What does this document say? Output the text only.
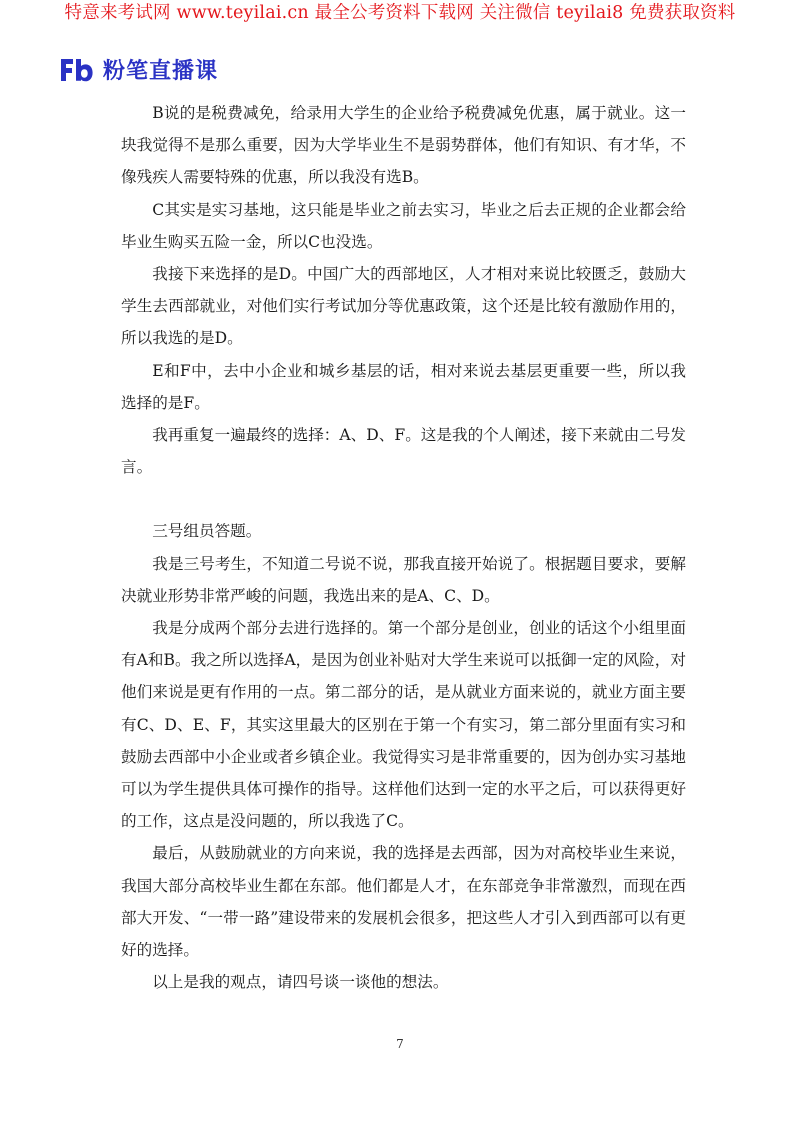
特意来考试网 www.teyilai.cn 最全公考资料下载网 关注微信 teyilai8 免费获取资料
粉笔直播课

B说的是税费减免，给录用大学生的企业给予税费减免优惠，属于就业。这一块我觉得不是那么重要，因为大学毕业生不是弱势群体，他们有知识、有才华，不像残疾人需要特殊的优惠，所以我没有选B。

C其实是实习基地，这只能是毕业之前去实习，毕业之后去正规的企业都会给毕业生购买五险一金，所以C也没选。

我接下来选择的是D。中国广大的西部地区，人才相对来说比较匮乏，鼓励大学生去西部就业，对他们实行考试加分等优惠政策，这个还是比较有激励作用的，所以我选的是D。

E和F中，去中小企业和城乡基层的话，相对来说去基层更重要一些，所以我选择的是F。

我再重复一遍最终的选择：A、D、F。这是我的个人阐述，接下来就由二号发言。

三号组员答题。

我是三号考生，不知道二号说不说，那我直接开始说了。根据题目要求，要解决就业形势非常严峻的问题，我选出来的是A、C、D。

我是分成两个部分去进行选择的。第一个部分是创业，创业的话这个小组里面有A和B。我之所以选择A，是因为创业补贴对大学生来说可以抵御一定的风险，对他们来说是更有作用的一点。第二部分的话，是从就业方面来说的，就业方面主要有C、D、E、F，其实这里最大的区别在于第一个有实习，第二部分里面有实习和鼓励去西部中小企业或者乡镇企业。我觉得实习是非常重要的，因为创办实习基地可以为学生提供具体可操作的指导。这样他们达到一定的水平之后，可以获得更好的工作，这点是没问题的，所以我选了C。

最后，从鼓励就业的方向来说，我的选择是去西部，因为对高校毕业生来说，我国大部分高校毕业生都在东部。他们都是人才，在东部竞争非常激烈，而现在西部大开发、“一带一路”建设带来的发展机会很多，把这些人才引入到西部可以有更好的选择。

以上是我的观点，请四号谈一谈他的想法。

7
